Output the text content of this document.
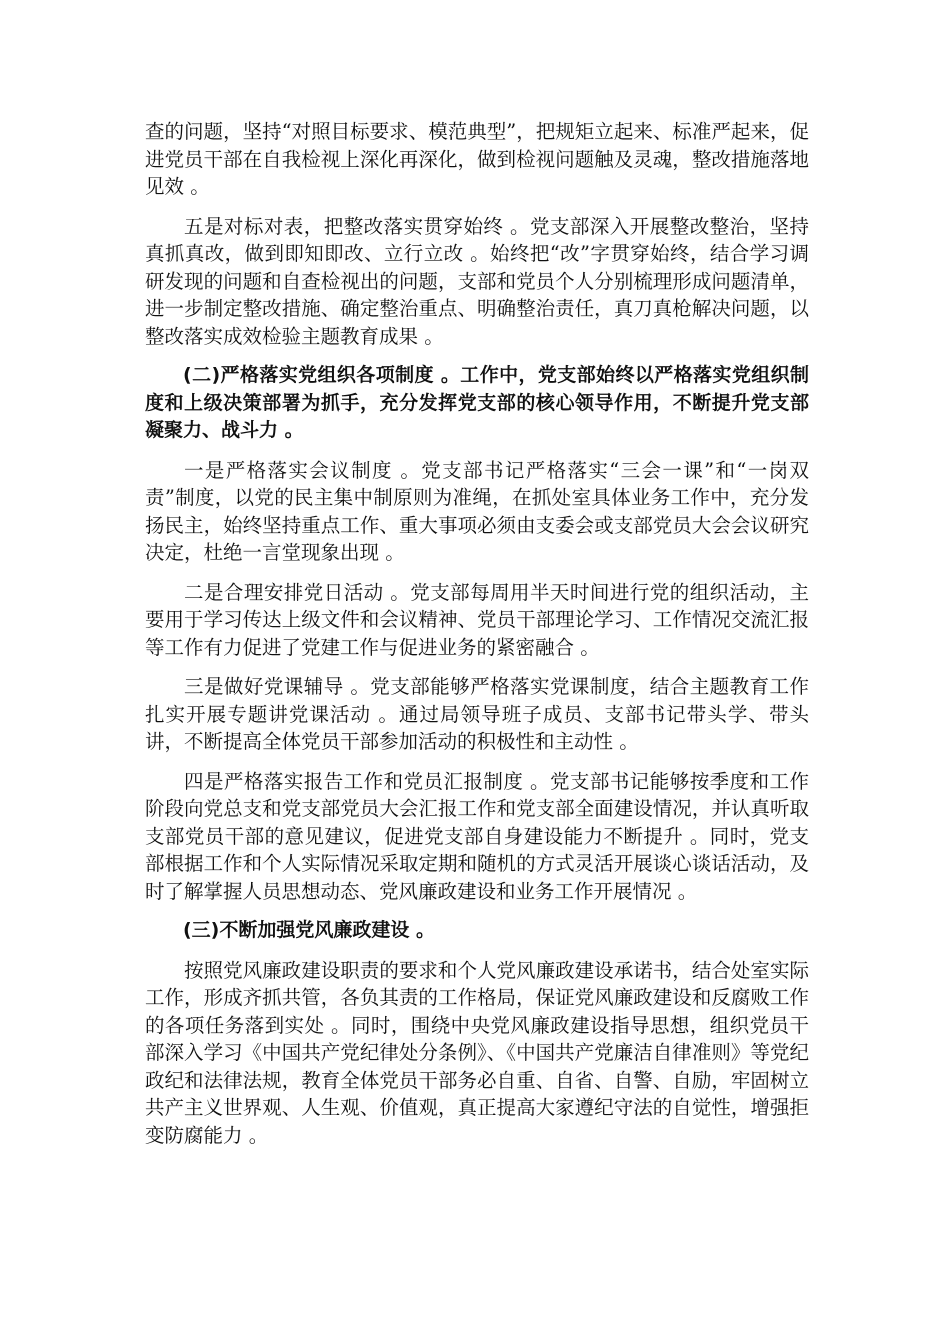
查的问题，坚持“对照目标要求、模范典型”，把规矩立起来、标准严起来，促进党员干部在自我检视上深化再深化，做到检视问题触及灵魂，整改措施落地见效 。

五是对标对表，把整改落实贯穿始终 。党支部深入开展整改整治，坚持真抓真改，做到即知即改、立行立改 。始终把“改”字贯穿始终，结合学习调研发现的问题和自查检视出的问题，支部和党员个人分别梳理形成问题清单，进一步制定整改措施、确定整治重点、明确整治责任，真刀真枪解决问题，以整改落实成效检验主题教育成果 。

(二)严格落实党组织各项制度 。工作中，党支部始终以严格落实党组织制度和上级决策部署为抓手，充分发挥党支部的核心领导作用，不断提升党支部凝聚力、战斗力 。

一是严格落实会议制度 。党支部书记严格落实“三会一课”和“一岗双责”制度，以党的民主集中制原则为准绳，在抓处室具体业务工作中，充分发扬民主，始终坚持重点工作、重大事项必须由支委会或支部党员大会会议研究决定，杜绝一言堂现象出现 。

二是合理安排党日活动 。党支部每周用半天时间进行党的组织活动，主要用于学习传达上级文件和会议精神、党员干部理论学习、工作情况交流汇报等工作有力促进了党建工作与促进业务的紧密融合 。

三是做好党课辅导 。党支部能够严格落实党课制度，结合主题教育工作扎实开展专题讲党课活动 。通过局领导班子成员、支部书记带头学、带头讲，不断提高全体党员干部参加活动的积极性和主动性 。

四是严格落实报告工作和党员汇报制度 。党支部书记能够按季度和工作阶段向党总支和党支部党员大会汇报工作和党支部全面建设情况，并认真听取支部党员干部的意见建议，促进党支部自身建设能力不断提升 。同时，党支部根据工作和个人实际情况采取定期和随机的方式灵活开展谈心谈话活动，及时了解掌握人员思想动态、党风廉政建设和业务工作开展情况 。

(三)不断加强党风廉政建设 。

按照党风廉政建设职责的要求和个人党风廉政建设承诺书，结合处室实际工作，形成齐抓共管，各负其责的工作格局，保证党风廉政建设和反腐败工作的各项任务落到实处 。同时，围绕中央党风廉政建设指导思想，组织党员干部深入学习《中国共产党纪律处分条例》、《中国共产党廉洁自律准则》等党纪政纪和法律法规，教育全体党员干部务必自重、自省、自警、自励，牢固树立共产主义世界观、人生观、价值观，真正提高大家遵纪守法的自觉性，增强拒变防腐能力 。
